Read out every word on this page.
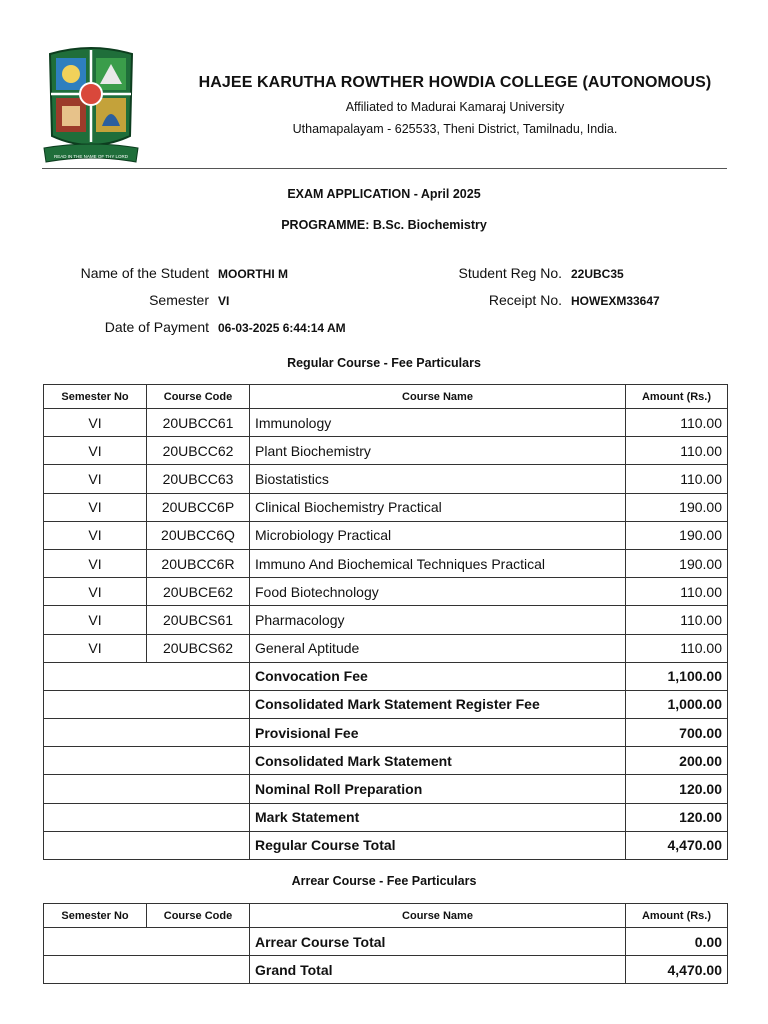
READ IN THE NAME OF THY LORD
HAJEE KARUTHA ROWTHER HOWDIA COLLEGE (AUTONOMOUS)
Affiliated to Madurai Kamaraj University
Uthamapalayam - 625533, Theni District, Tamilnadu, India.
EXAM APPLICATION - April 2025
PROGRAMME: B.Sc. Biochemistry
Name of the Student MOORTHI M
Semester VI
Date of Payment 06-03-2025 6:44:14 AM
Student Reg No. 22UBC35
Receipt No. HOWEXM33647
Regular Course - Fee Particulars
Semester No	Course Code	Course Name	Amount (Rs.)
VI	20UBCC61	Immunology	110.00
VI	20UBCC62	Plant Biochemistry	110.00
VI	20UBCC63	Biostatistics	110.00
VI	20UBCC6P	Clinical Biochemistry Practical	190.00
VI	20UBCC6Q	Microbiology Practical	190.00
VI	20UBCC6R	Immuno And Biochemical Techniques Practical	190.00
VI	20UBCE62	Food Biotechnology	110.00
VI	20UBCS61	Pharmacology	110.00
VI	20UBCS62	General Aptitude	110.00
		Convocation Fee	1,100.00
		Consolidated Mark Statement Register Fee	1,000.00
		Provisional Fee	700.00
		Consolidated Mark Statement	200.00
		Nominal Roll Preparation	120.00
		Mark Statement	120.00
		Regular Course Total	4,470.00
Arrear Course - Fee Particulars
Semester No	Course Code	Course Name	Amount (Rs.)
		Arrear Course Total	0.00
		Grand Total	4,470.00
